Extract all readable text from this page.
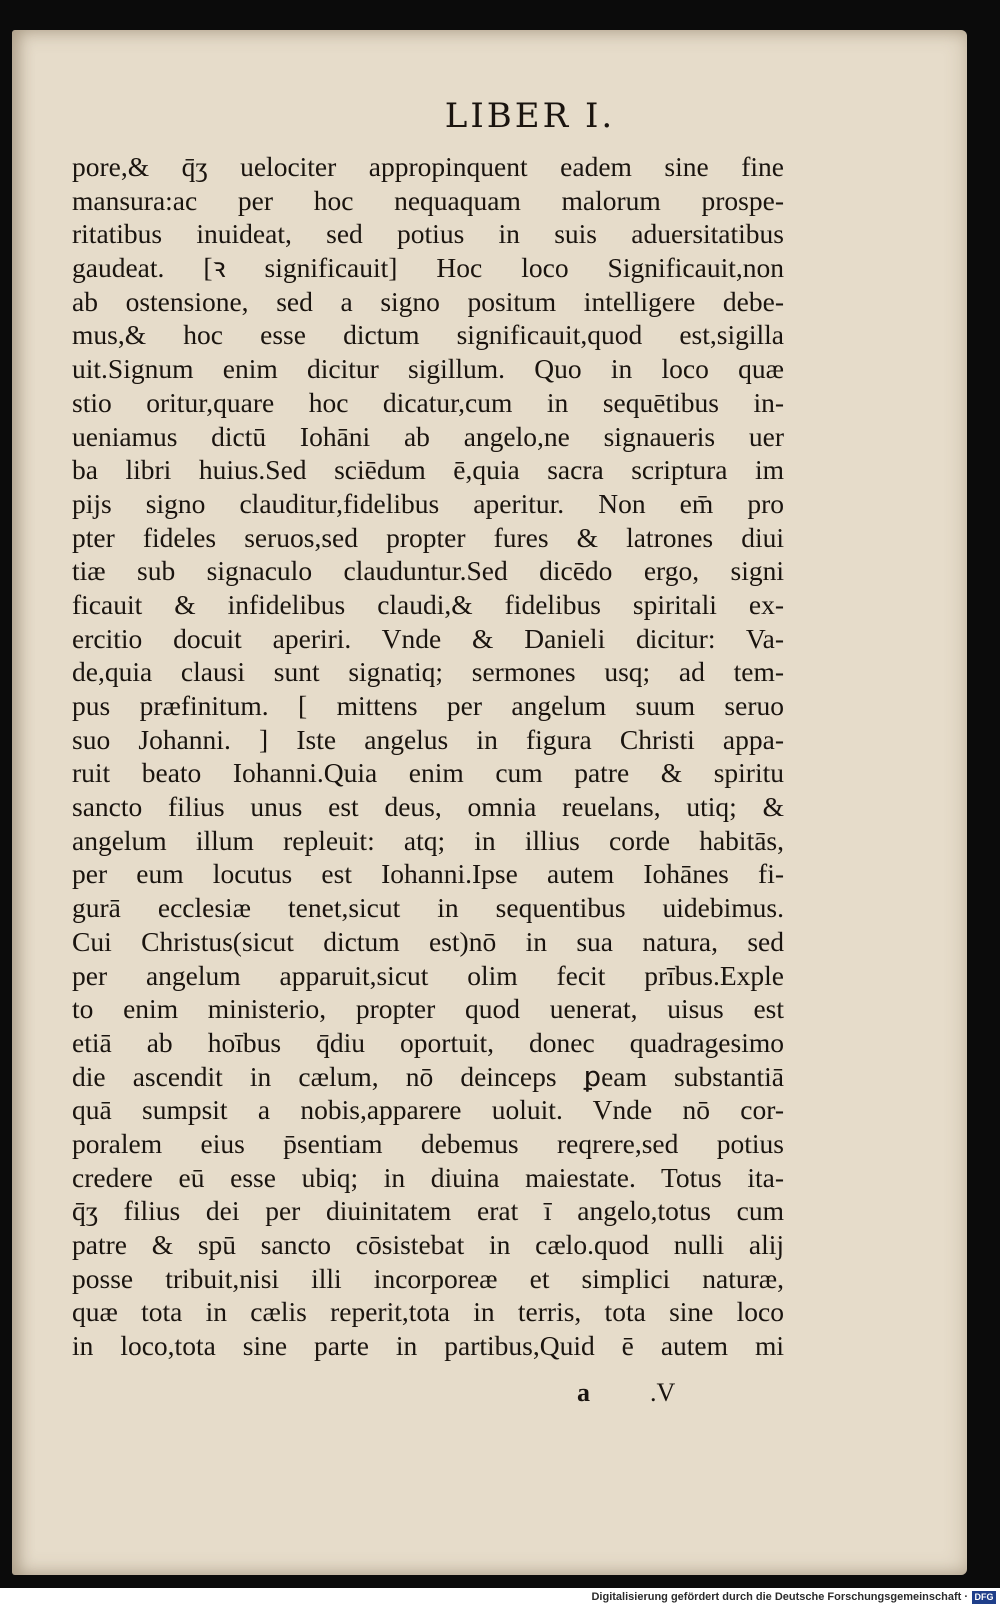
LIBER I.
pore,& q̄ʒ uelociter appropinquent eadem sine fine
mansura:ac per hoc nequaquam malorum prospe-
ritatibus inuideat, sed potius in suis aduersitatibus
gaudeat. [ꝛ significauit] Hoc loco Significauit,non
ab ostensione, sed a signo positum intelligere debe-
mus,& hoc esse dictum significauit,quod est,sigilla
uit.Signum enim dicitur sigillum. Quo in loco quæ
stio oritur,quare hoc dicatur,cum in sequētibus in-
ueniamus dictū Iohāni ab angelo,ne signaueris uer
ba libri huius.Sed sciēdum ē,quia sacra scriptura im
pijs signo clauditur,fidelibus aperitur. Non em̄ pro
pter fideles seruos,sed propter fures & latrones diui
tiæ sub signaculo clauduntur.Sed dicēdo ergo, signi
ficauit & infidelibus claudi,& fidelibus spiritali ex-
ercitio docuit aperiri. Vnde & Danieli dicitur: Va-
de,quia clausi sunt signatiq; sermones usq; ad tem-
pus præfinitum. [ mittens per angelum suum seruo
suo Johanni. ] Iste angelus in figura Christi appa-
ruit beato Iohanni.Quia enim cum patre & spiritu
sancto filius unus est deus, omnia reuelans, utiq; &
angelum illum repleuit: atq; in illius corde habitās,
per eum locutus est Iohanni.Ipse autem Iohānes fi-
gurā ecclesiæ tenet,sicut in sequentibus uidebimus.
Cui Christus(sicut dictum est)nō in sua natura, sed
per angelum apparuit,sicut olim fecit prībus.Exple
to enim ministerio, propter quod uenerat, uisus est
etiā ab hoībus q̄diu oportuit, donec quadragesimo
die ascendit in cælum, nō deinceps ꝑeam substantiā
quā sumpsit a nobis,apparere uoluit. Vnde nō cor-
poralem eius p̄sentiam debemus reqrere,sed potius
credere eū esse ubiq; in diuina maiestate. Totus ita-
q̄ʒ filius dei per diuinitatem erat ī angelo,totus cum
patre & spū sancto cōsistebat in cælo.quod nulli alij
posse tribuit,nisi illi incorporeæ et simplici naturæ,
quæ tota in cælis reperit,tota in terris, tota sine loco
in loco,tota sine parte in partibus,Quid ē autem mi
a .V
Digitalisierung gefördert durch die Deutsche Forschungsgemeinschaft · DFG
